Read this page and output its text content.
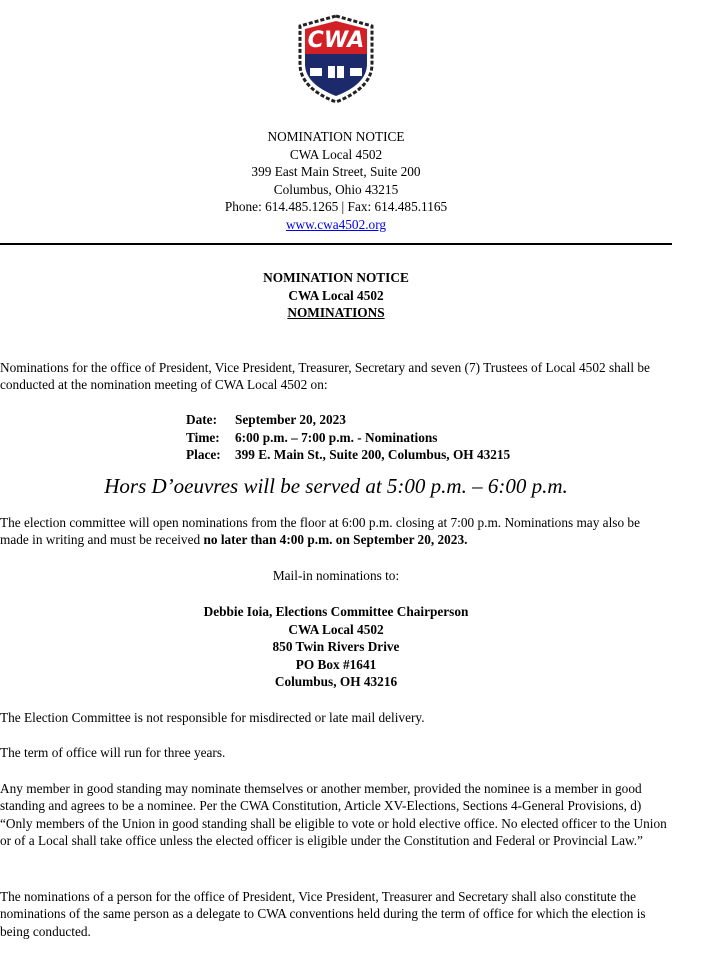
CWA
NOMINATION NOTICE
CWA Local 4502
399 East Main Street, Suite 200
Columbus, Ohio 43215
Phone: 614.485.1265 | Fax: 614.485.1165
www.cwa4502.org
NOMINATION NOTICE
CWA Local 4502
NOMINATIONS
Nominations for the office of President, Vice President, Treasurer, Secretary and seven (7) Trustees of Local 4502 shall be conducted at the nomination meeting of CWA Local 4502 on:
Date: September 20, 2023
Time: 6:00 p.m. – 7:00 p.m. - Nominations
Place: 399 E. Main St., Suite 200, Columbus, OH 43215
Hors D’oeuvres will be served at 5:00 p.m. – 6:00 p.m.
The election committee will open nominations from the floor at 6:00 p.m. closing at 7:00 p.m. Nominations may also be made in writing and must be received no later than 4:00 p.m. on September 20, 2023.
Mail-in nominations to:
Debbie Ioia, Elections Committee Chairperson
CWA Local 4502
850 Twin Rivers Drive
PO Box #1641
Columbus, OH 43216
The Election Committee is not responsible for misdirected or late mail delivery.
The term of office will run for three years.
Any member in good standing may nominate themselves or another member, provided the nominee is a member in good standing and agrees to be a nominee. Per the CWA Constitution, Article XV-Elections, Sections 4-General Provisions, d) “Only members of the Union in good standing shall be eligible to vote or hold elective office. No elected officer to the Union or of a Local shall take office unless the elected officer is eligible under the Constitution and Federal or Provincial Law.”
The nominations of a person for the office of President, Vice President, Treasurer and Secretary shall also constitute the nominations of the same person as a delegate to CWA conventions held during the term of office for which the election is being conducted.
